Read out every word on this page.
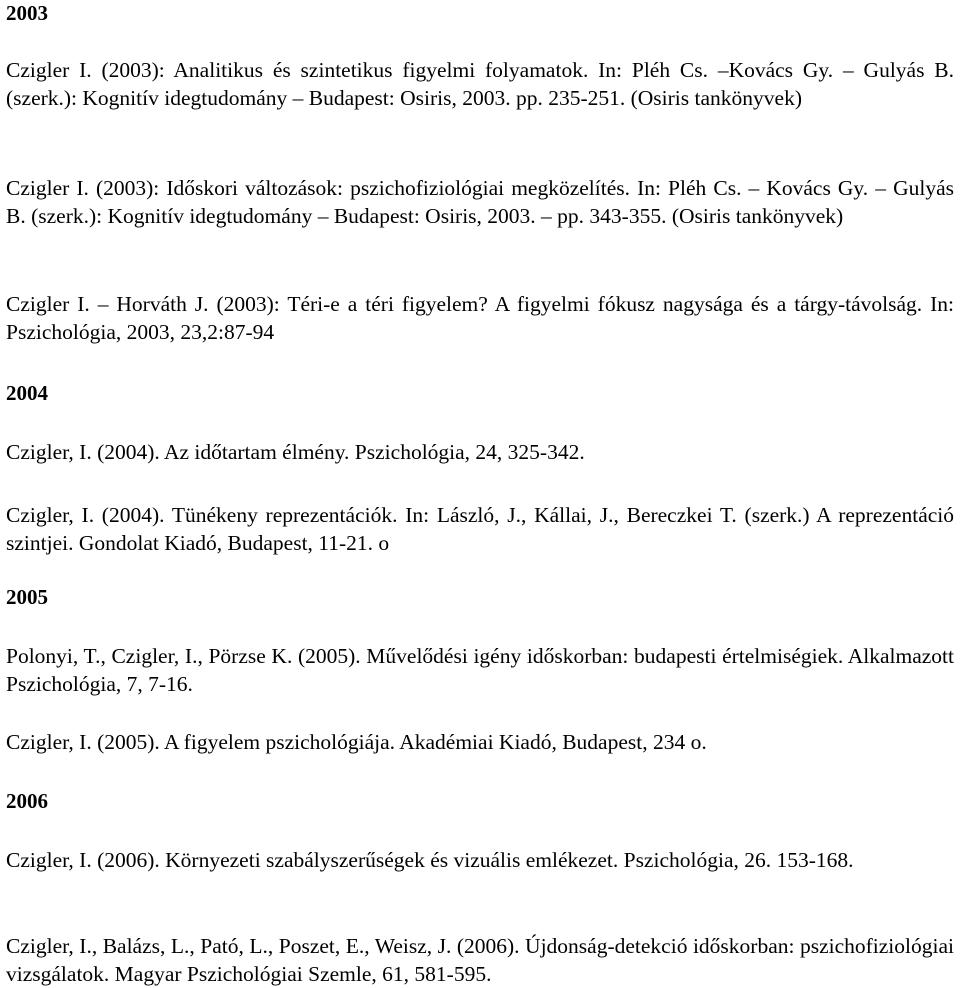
2003

Czigler I. (2003): Analitikus és szintetikus figyelmi folyamatok. In: Pléh Cs. –Kovács Gy. – Gulyás B. (szerk.): Kognitív idegtudomány – Budapest: Osiris, 2003. pp. 235-251. (Osiris tankönyvek)

Czigler I. (2003): Időskori változások: pszichofiziológiai megközelítés. In: Pléh Cs. – Kovács Gy. – Gulyás B. (szerk.): Kognitív idegtudomány – Budapest: Osiris, 2003. – pp. 343-355. (Osiris tankönyvek)

Czigler I. – Horváth J. (2003): Téri-e a téri figyelem? A figyelmi fókusz nagysága és a tárgy-távolság. In: Pszichológia, 2003, 23,2:87-94

2004

Czigler, I. (2004). Az időtartam élmény. Pszichológia, 24, 325-342.

Czigler, I. (2004). Tünékeny reprezentációk. In: László, J., Kállai, J., Bereczkei T. (szerk.) A reprezentáció szintjei. Gondolat Kiadó, Budapest, 11-21. o

2005

Polonyi, T., Czigler, I., Pörzse K. (2005). Művelődési igény időskorban: budapesti értelmiségiek. Alkalmazott Pszichológia, 7, 7-16.

Czigler, I. (2005). A figyelem pszichológiája. Akadémiai Kiadó, Budapest, 234 o.

2006

Czigler, I. (2006). Környezeti szabályszerűségek és vizuális emlékezet. Pszichológia, 26. 153-168.

Czigler, I., Balázs, L., Pató, L., Poszet, E., Weisz, J. (2006). Újdonság-detekció időskorban: pszichofiziológiai vizsgálatok. Magyar Pszichológiai Szemle, 61, 581-595.
